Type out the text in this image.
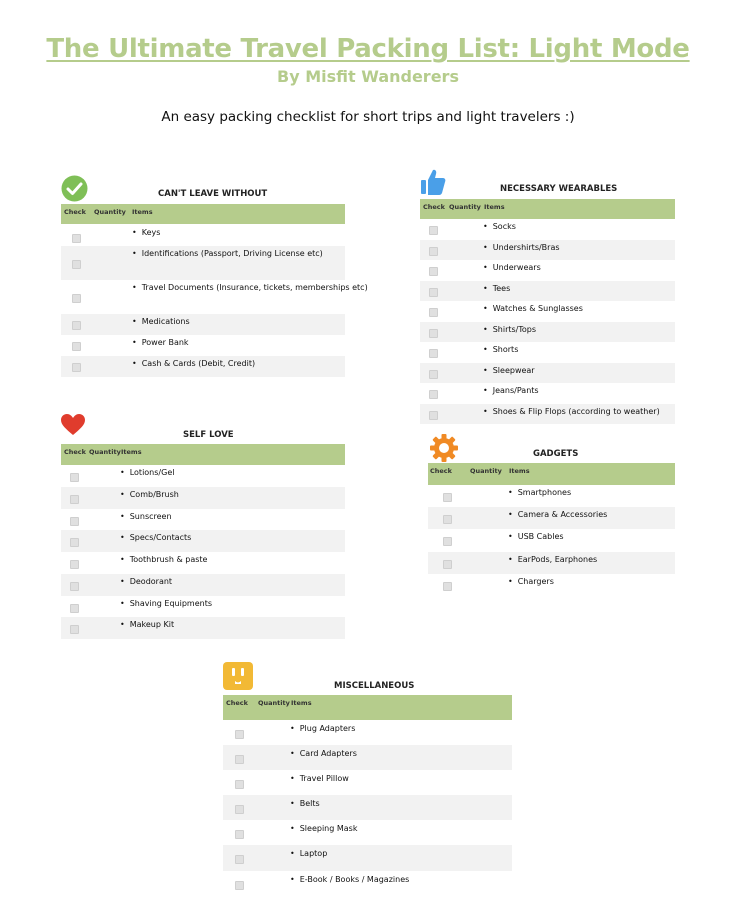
The Ultimate Travel Packing List: Light Mode
By Misfit Wanderers
An easy packing checklist for short trips and light travelers :)
CAN'T LEAVE WITHOUT
Check Quantity Items
• Keys
• Identifications (Passport, Driving License etc)
• Travel Documents (Insurance, tickets, memberships etc)
• Medications
• Power Bank
• Cash & Cards (Debit, Credit)
NECESSARY WEARABLES
Check Quantity Items
• Socks
• Undershirts/Bras
• Underwears
• Tees
• Watches & Sunglasses
• Shirts/Tops
• Shorts
• Sleepwear
• Jeans/Pants
• Shoes & Flip Flops (according to weather)
SELF LOVE
Check Quantity Items
• Lotions/Gel
• Comb/Brush
• Sunscreen
• Specs/Contacts
• Toothbrush & paste
• Deodorant
• Shaving Equipments
• Makeup Kit
GADGETS
Check	Quantity Items
• Smartphones
• Camera & Accessories
• USB Cables
• EarPods, Earphones
• Chargers
MISCELLANEOUS
Check Quantity Items
• Plug Adapters
• Card Adapters
• Travel Pillow
• Belts
• Sleeping Mask
• Laptop
• E-Book / Books / Magazines
